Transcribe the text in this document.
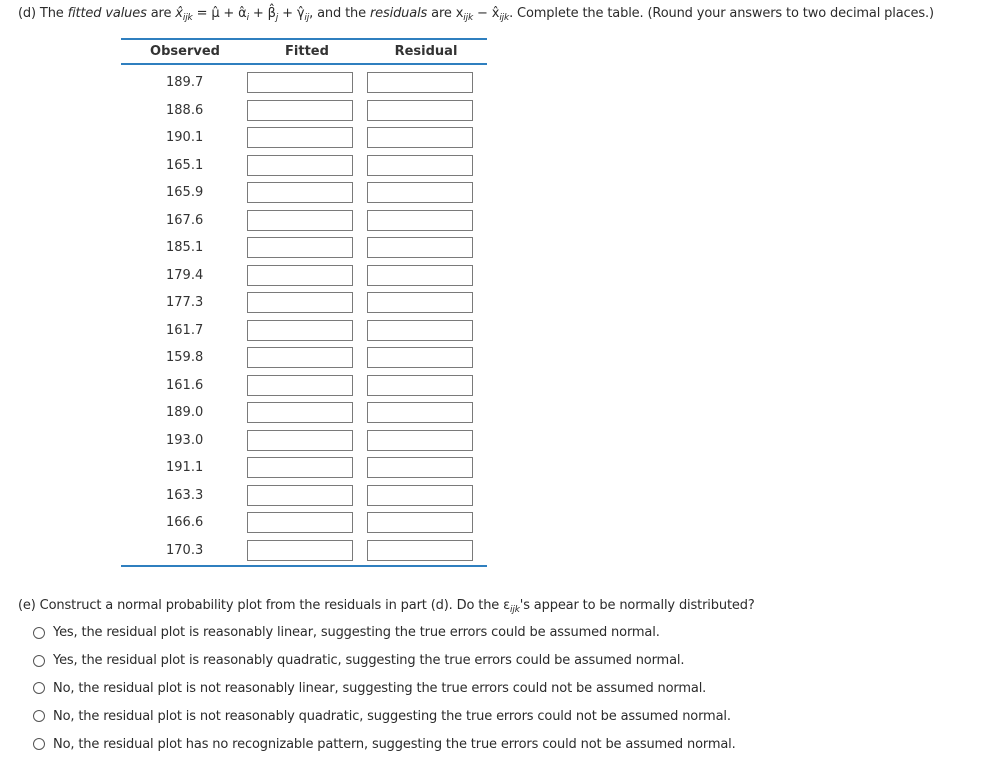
(d) The fitted values are $x̂_{ijk}$ = μ̂ + $\alphâ_i$ + $\betâ_j$ + $\gammâ_{ij}$, and the residuals are $x_{ijk}$ − $x̂_{ijk}$. Complete the table. (Round your answers to two decimal places.)
Observed	Fitted	Residual
189.7
188.6
190.1
165.1
165.9
167.6
185.1
179.4
177.3
161.7
159.8
161.6
189.0
193.0
191.1
163.3
166.6
170.3
(e) Construct a normal probability plot from the residuals in part (d). Do the $\varepsilon_{ijk}'s$ appear to be normally distributed?
Yes, the residual plot is reasonably linear, suggesting the true errors could be assumed normal.
Yes, the residual plot is reasonably quadratic, suggesting the true errors could be assumed normal.
No, the residual plot is not reasonably linear, suggesting the true errors could not be assumed normal.
No, the residual plot is not reasonably quadratic, suggesting the true errors could not be assumed normal.
No, the residual plot has no recognizable pattern, suggesting the true errors could not be assumed normal.
